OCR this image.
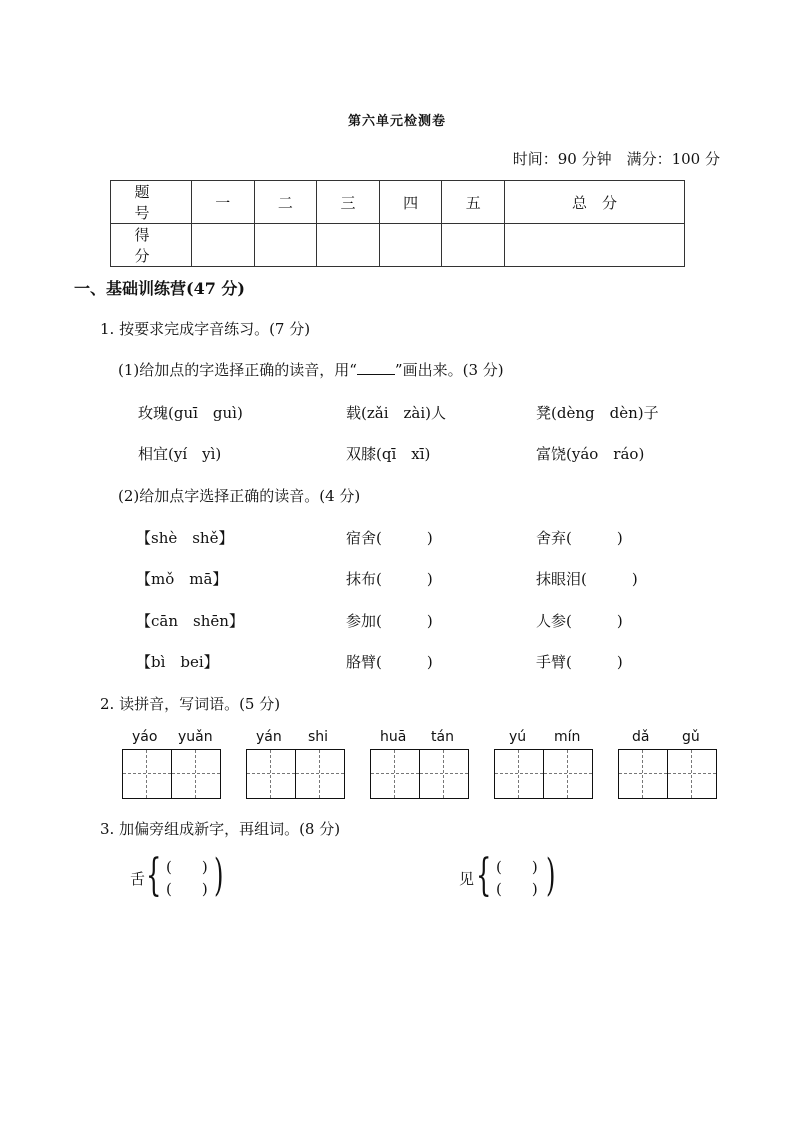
第六单元检测卷
时间：90 分钟　满分：100 分
题　号	一	二	三	四	五	总　分
得　分						
一、基础训练营(47 分)
1. 按要求完成字音练习。(7 分)
(1)给加点的字选择正确的读音，用“	”画出来。(3 分)
玫瑰(guī　guì)	载(zǎi　zài)人	凳(dèng　dèn)子
相宜(yí　yì)	双膝(qī　xī)	富饶(yáo　ráo)
(2)给加点字选择正确的读音。(4 分)
【shè　shě】	宿舍(　　　)	舍弃(　　　)
【mǒ　mā】	抹布(　　　)	抹眼泪(　　　)
【cān　shēn】	参加(　　　)	人参(　　　)
【bì　bei】	胳臂(　　　)	手臂(　　　)
2. 读拼音，写词语。(5 分)
yáo yuǎn	yán shi	huā tán	yú mín	dǎ gǔ
3. 加偏旁组成新字，再组词。(8 分)
舌 { (　　)
(　　) )	见 { (　　)
(　　) )
